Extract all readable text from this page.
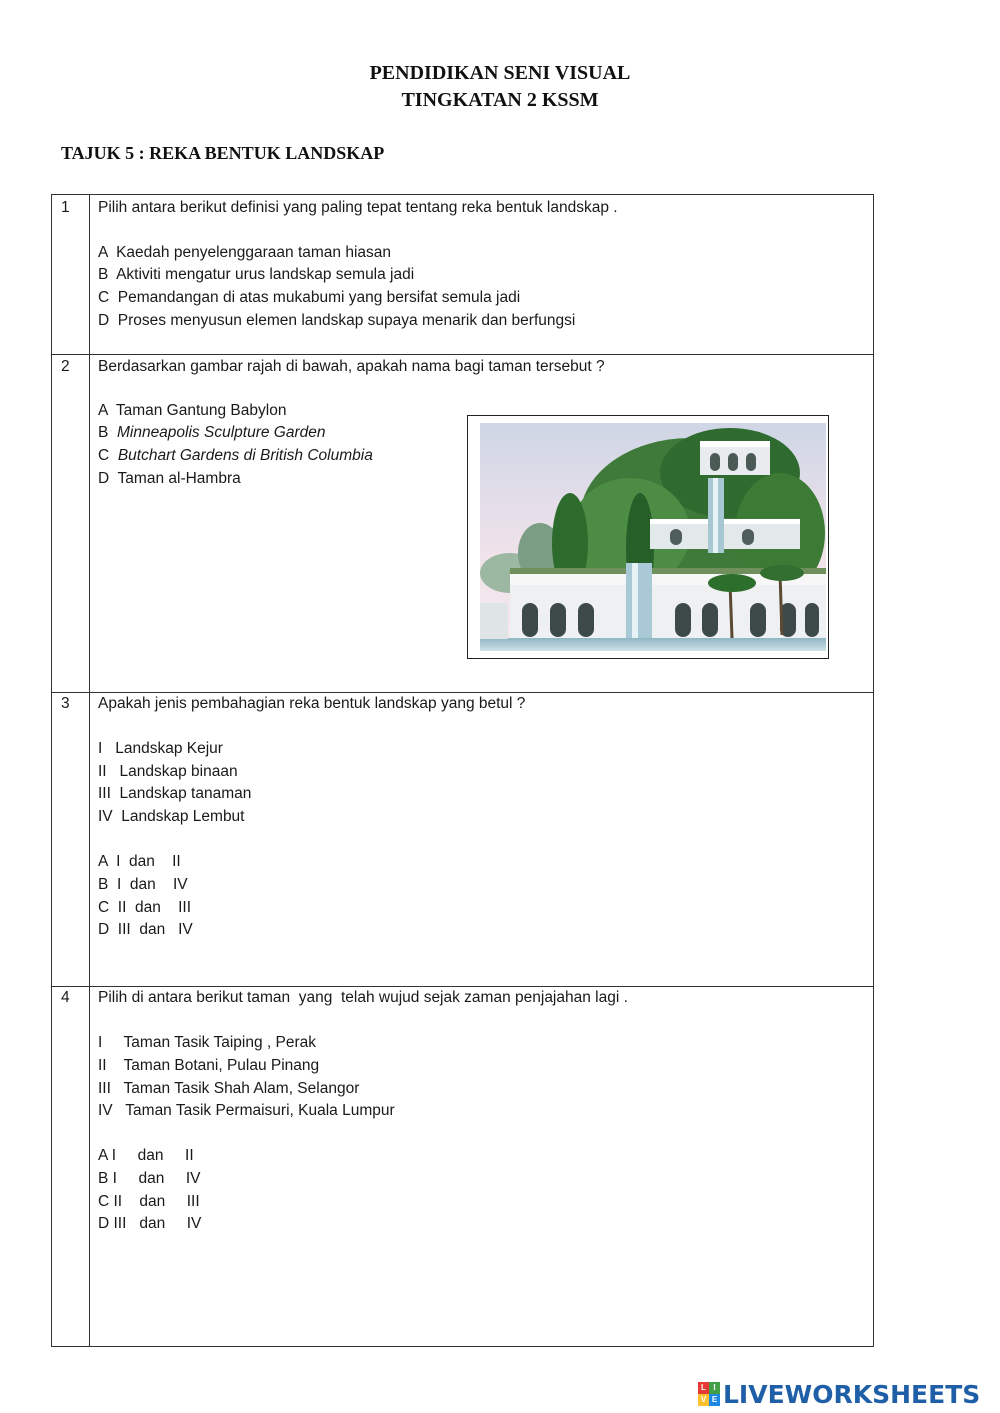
PENDIDIKAN SENI VISUAL
TINGKATAN 2 KSSM
TAJUK 5 : REKA BENTUK LANDSKAP
1 Pilih antara berikut definisi yang paling tepat tentang reka bentuk landskap .
A  Kaedah penyelenggaraan taman hiasan
B  Aktiviti mengatur urus landskap semula jadi
C  Pemandangan di atas mukabumi yang bersifat semula jadi
D  Proses menyusun elemen landskap supaya menarik dan berfungsi
2 Berdasarkan gambar rajah di bawah, apakah nama bagi taman tersebut ?
A Taman Gantung Babylon
B Minneapolis Sculpture Garden
C Butchart Gardens di British Columbia
D Taman al-Hambra
3 Apakah jenis pembahagian reka bentuk landskap yang betul ?
I   Landskap Kejur
II   Landskap binaan
III  Landskap tanaman
IV  Landskap Lembut
A  I  dan    II
B  I  dan    IV
C  II  dan    III
D  III  dan   IV
4 Pilih di antara berikut taman  yang  telah wujud sejak zaman penjajahan lagi .
I     Taman Tasik Taiping , Perak
II    Taman Botani, Pulau Pinang
III   Taman Tasik Shah Alam, Selangor
IV   Taman Tasik Permaisuri, Kuala Lumpur
A I     dan     II
B I     dan     IV
C II    dan     III
D III   dan     IV
L I
V E LIVEWORKSHEETS
